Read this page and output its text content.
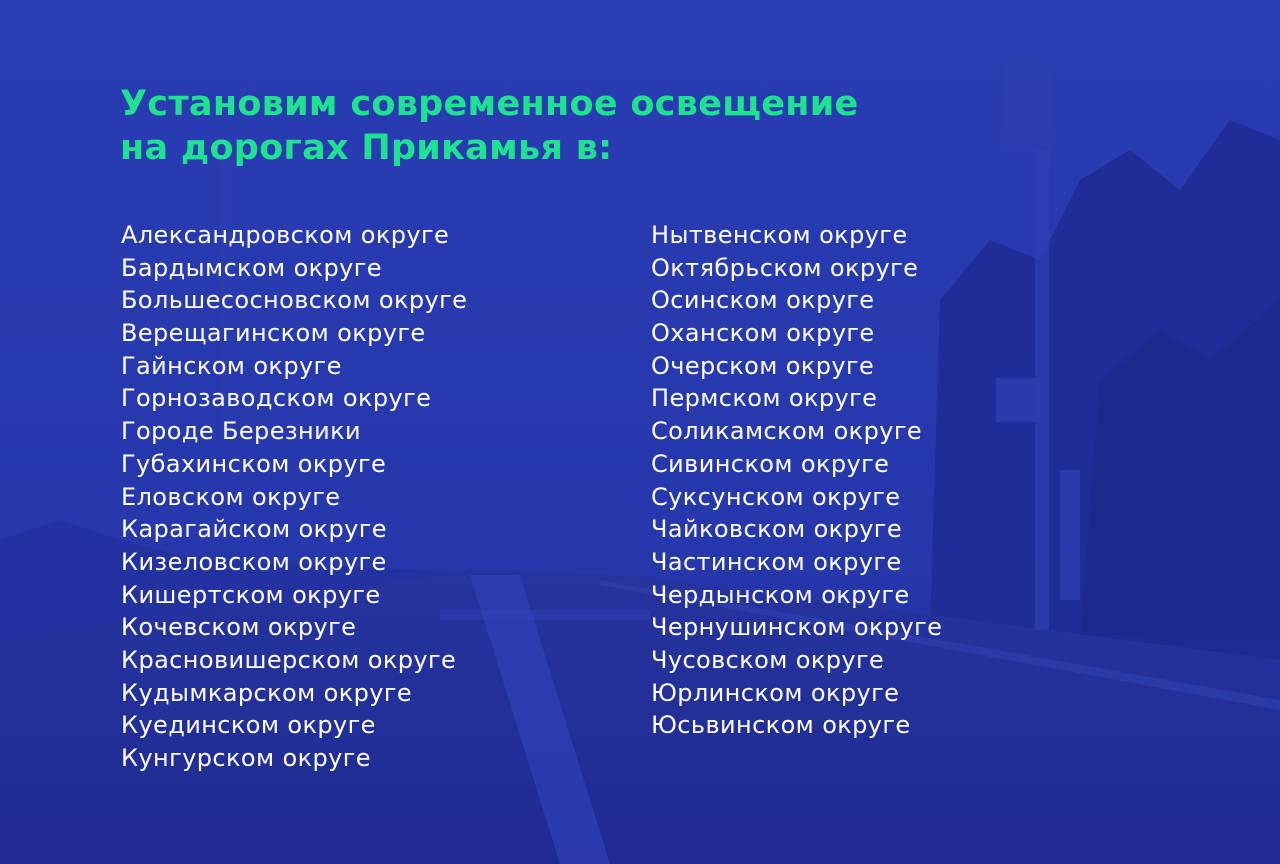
Установим современное освещение
на дорогах Прикамья в:
Александровском округе
Бардымском округе
Большесосновском округе
Верещагинском округе
Гайнском округе
Горнозаводском округе
Городе Березники
Губахинском округе
Еловском округе
Карагайском округе
Кизеловском округе
Кишертском округе
Кочевском округе
Красновишерском округе
Кудымкарском округе
Куединском округе
Кунгурском округе
Нытвенском округе
Октябрьском округе
Осинском округе
Оханском округе
Очерском округе
Пермском округе
Соликамском округе
Сивинском округе
Суксунском округе
Чайковском округе
Частинском округе
Чердынском округе
Чернушинском округе
Чусовском округе
Юрлинском округе
Юсьвинском округе
